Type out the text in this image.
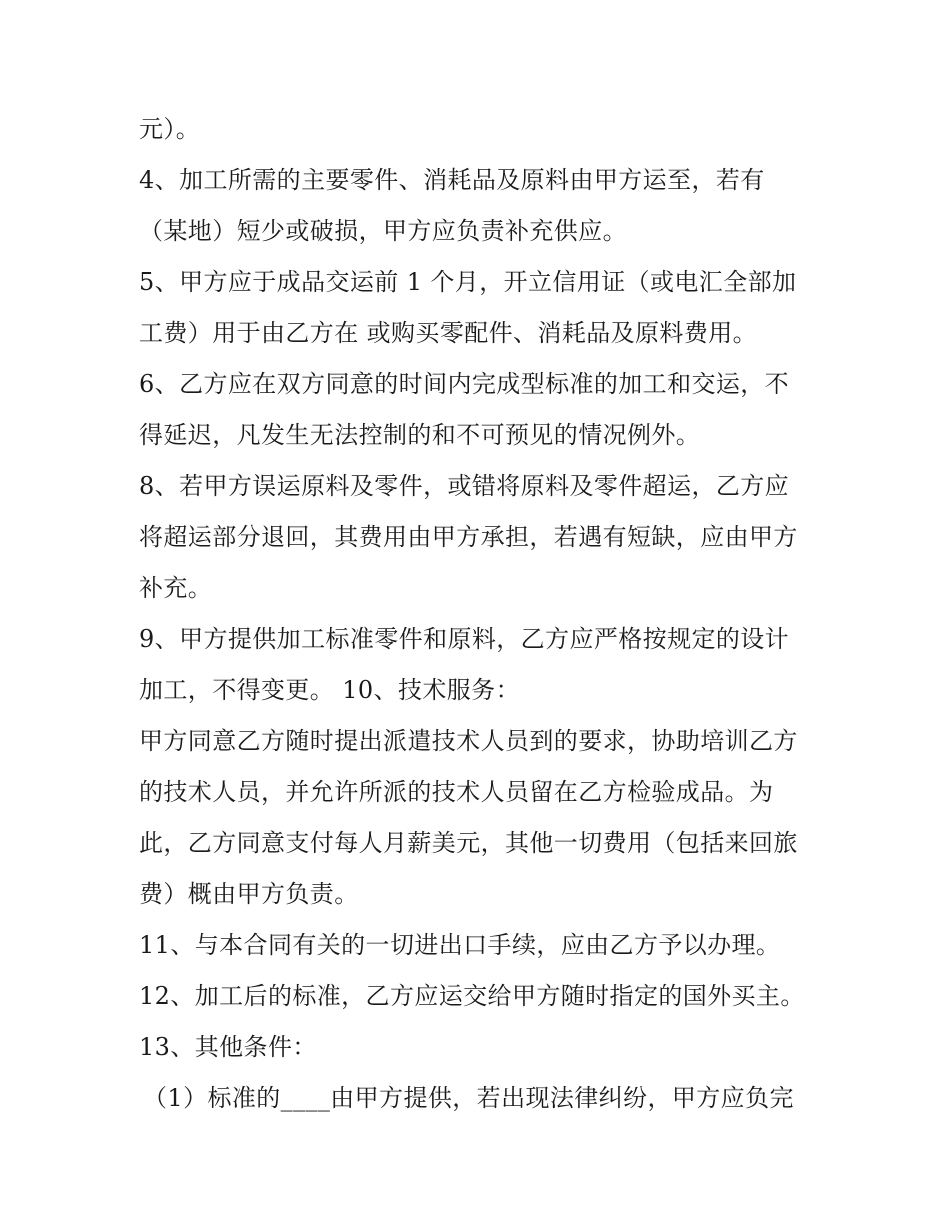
元）。
4、加工所需的主要零件、消耗品及原料由甲方运至，若有
（某地）短少或破损，甲方应负责补充供应。
5、甲方应于成品交运前 1 个月，开立信用证（或电汇全部加
工费）用于由乙方在 或购买零配件、消耗品及原料费用。
6、乙方应在双方同意的时间内完成型标准的加工和交运，不
得延迟，凡发生无法控制的和不可预见的情况例外。
8、若甲方误运原料及零件，或错将原料及零件超运，乙方应
将超运部分退回，其费用由甲方承担，若遇有短缺，应由甲方
补充。
9、甲方提供加工标准零件和原料，乙方应严格按规定的设计
加工，不得变更。 10、技术服务：
甲方同意乙方随时提出派遣技术人员到的要求，协助培训乙方
的技术人员，并允许所派的技术人员留在乙方检验成品。为
此，乙方同意支付每人月薪美元，其他一切费用（包括来回旅
费）概由甲方负责。
11、与本合同有关的一切进出口手续，应由乙方予以办理。
12、加工后的标准，乙方应运交给甲方随时指定的国外买主。
13、其他条件：
（1）标准的____由甲方提供，若出现法律纠纷，甲方应负完
